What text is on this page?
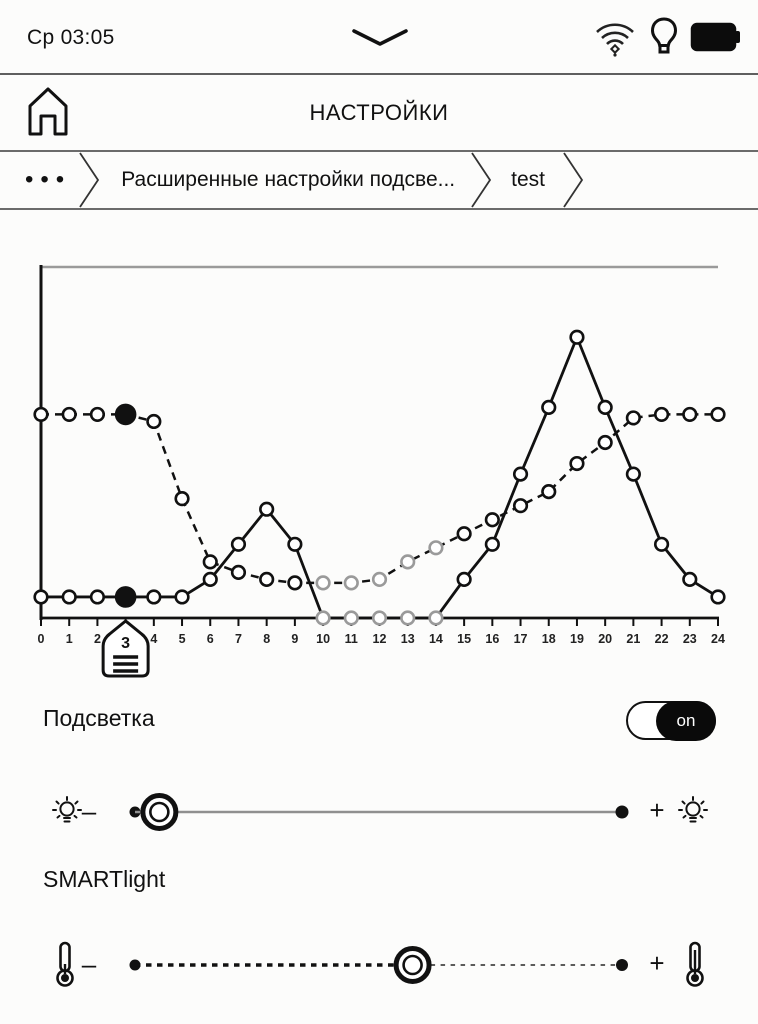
Ср 03:05
НАСТРОЙКИ
••• Расширенные настройки подсве...	test
0 1 2	4 5 6 7 8 9 10 11 12 13 14 15 16 17 18 19 20 21 22 23 24
3
Подсветка	on
–	+
SMARTlight
–	+
